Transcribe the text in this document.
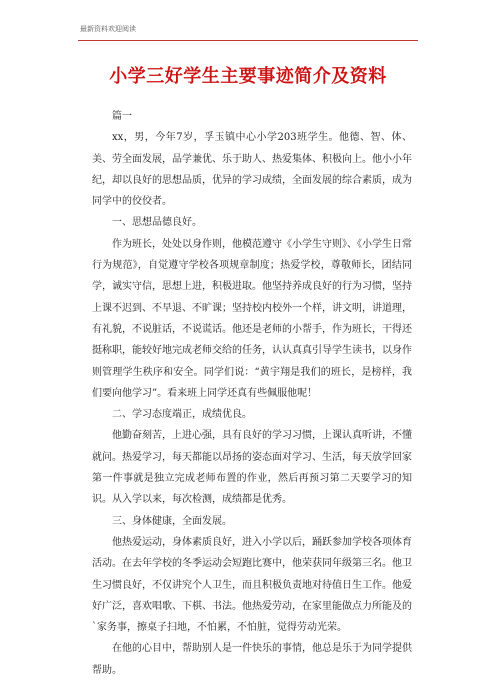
最新资料欢迎阅读
小学三好学生主要事迹简介及资料

篇一

xx，男，今年7岁，孚玉镇中心小学203班学生。他德、智、体、美、劳全面发展，品学兼优、乐于助人、热爱集体、积极向上。他小小年纪，却以良好的思想品质，优异的学习成绩，全面发展的综合素质，成为同学中的佼佼者。

一、思想品德良好。

作为班长，处处以身作则，他模范遵守《小学生守则》、《小学生日常行为规范》，自觉遵守学校各项规章制度；热爱学校，尊敬师长，团结同学，诚实守信，思想上进，积极进取。他坚持养成良好的行为习惯，坚持上课不迟到、不早退、不旷课；坚持校内校外一个样，讲文明，讲道理，有礼貌，不说脏话，不说谎话。他还是老师的小帮手，作为班长，干得还挺称职，能较好地完成老师交给的任务，认认真真引导学生读书，以身作则管理学生秩序和安全。同学们说：“黄宇翔是我们的班长，是榜样，我们要向他学习”。看来班上同学还真有些佩服他呢！

二、学习态度端正，成绩优良。

他勤奋刻苦，上进心强，具有良好的学习习惯，上课认真听讲，不懂就问。热爱学习，每天都能以昂扬的姿态面对学习、生活，每天放学回家第一件事就是独立完成老师布置的作业，然后再预习第二天要学习的知识。从入学以来，每次检测，成绩都是优秀。

三、身体健康，全面发展。

他热爱运动，身体素质良好，进入小学以后，踊跃参加学校各项体育活动。在去年学校的冬季运动会短跑比赛中，他荣获同年级第三名。他卫生习惯良好，不仅讲究个人卫生，而且积极负责地对待值日生工作。他爱好广泛，喜欢唱歌、下棋、书法。他热爱劳动，在家里能做点力所能及的`家务事，擦桌子扫地，不怕累，不怕脏，觉得劳动光荣。

在他的心目中，帮助别人是一件快乐的事情，他总是乐于为同学提供帮助。
